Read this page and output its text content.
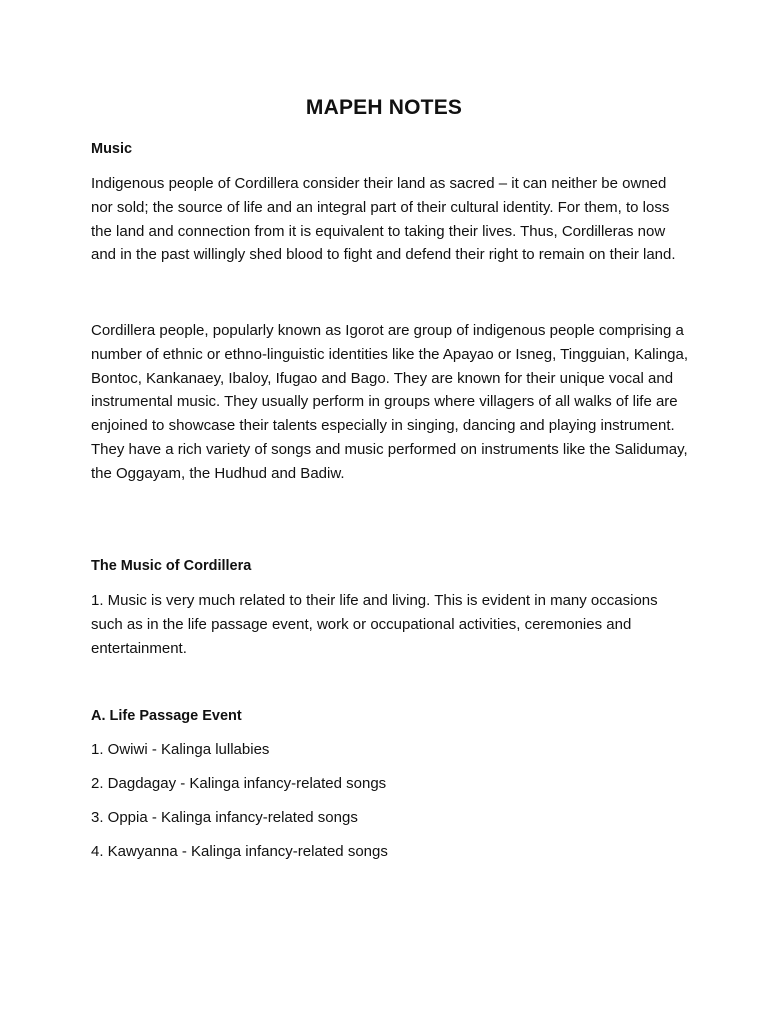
MAPEH NOTES
Music

Indigenous people of Cordillera consider their land as sacred – it can neither be owned nor sold; the source of life and an integral part of their cultural identity. For them, to loss the land and connection from it is equivalent to taking their lives. Thus, Cordilleras now and in the past willingly shed blood to fight and defend their right to remain on their land.

Cordillera people, popularly known as Igorot are group of indigenous people comprising a number of ethnic or ethno-linguistic identities like the Apayao or Isneg, Tingguian, Kalinga, Bontoc, Kankanaey, Ibaloy, Ifugao and Bago. They are known for their unique vocal and instrumental music. They usually perform in groups where villagers of all walks of life are enjoined to showcase their talents especially in singing, dancing and playing instrument. They have a rich variety of songs and music performed on instruments like the Salidumay, the Oggayam, the Hudhud and Badiw.

The Music of Cordillera

1. Music is very much related to their life and living. This is evident in many occasions such as in the life passage event, work or occupational activities, ceremonies and entertainment.

A. Life Passage Event

1. Owiwi - Kalinga lullabies

2. Dagdagay - Kalinga infancy-related songs

3. Oppia - Kalinga infancy-related songs

4. Kawyanna - Kalinga infancy-related songs
